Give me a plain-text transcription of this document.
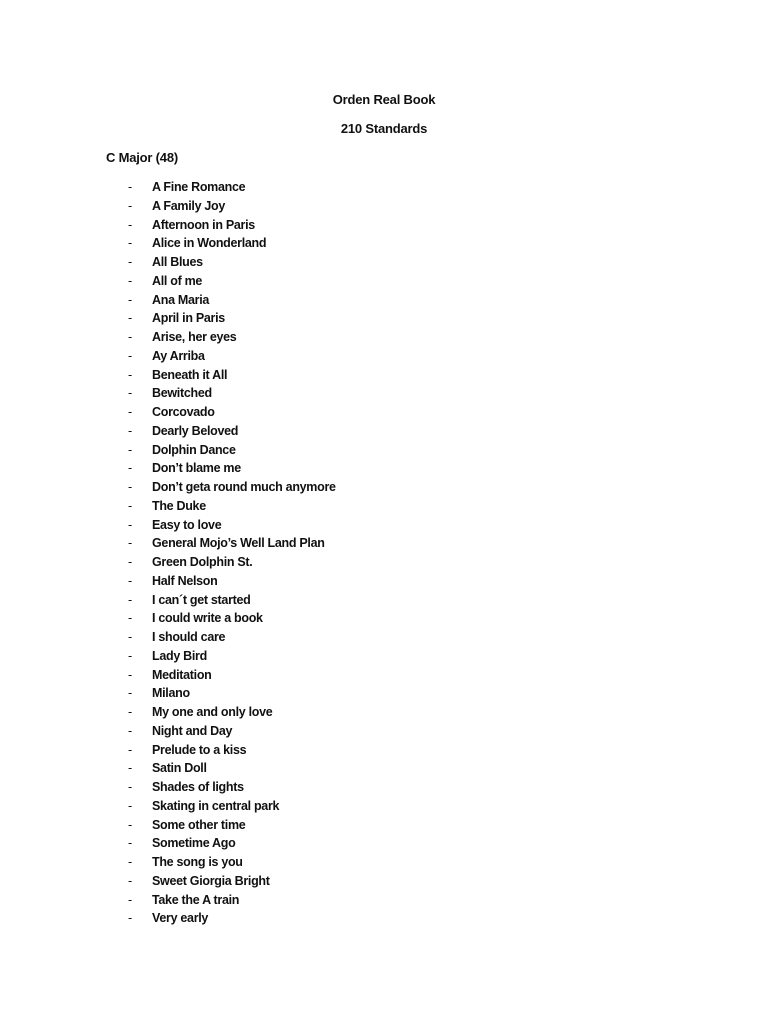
Orden Real Book
210 Standards
C Major (48)
- A Fine Romance
- A Family Joy
- Afternoon in Paris
- Alice in Wonderland
- All Blues
- All of me
- Ana Maria
- April in Paris
- Arise, her eyes
- Ay Arriba
- Beneath it All
- Bewitched
- Corcovado
- Dearly Beloved
- Dolphin Dance
- Don’t blame me
- Don’t geta round much anymore
- The Duke
- Easy to love
- General Mojo’s Well Land Plan
- Green Dolphin St.
- Half Nelson
- I can´t get started
- I could write a book
- I should care
- Lady Bird
- Meditation
- Milano
- My one and only love
- Night and Day
- Prelude to a kiss
- Satin Doll
- Shades of lights
- Skating in central park
- Some other time
- Sometime Ago
- The song is you
- Sweet Giorgia Bright
- Take the A train
- Very early
